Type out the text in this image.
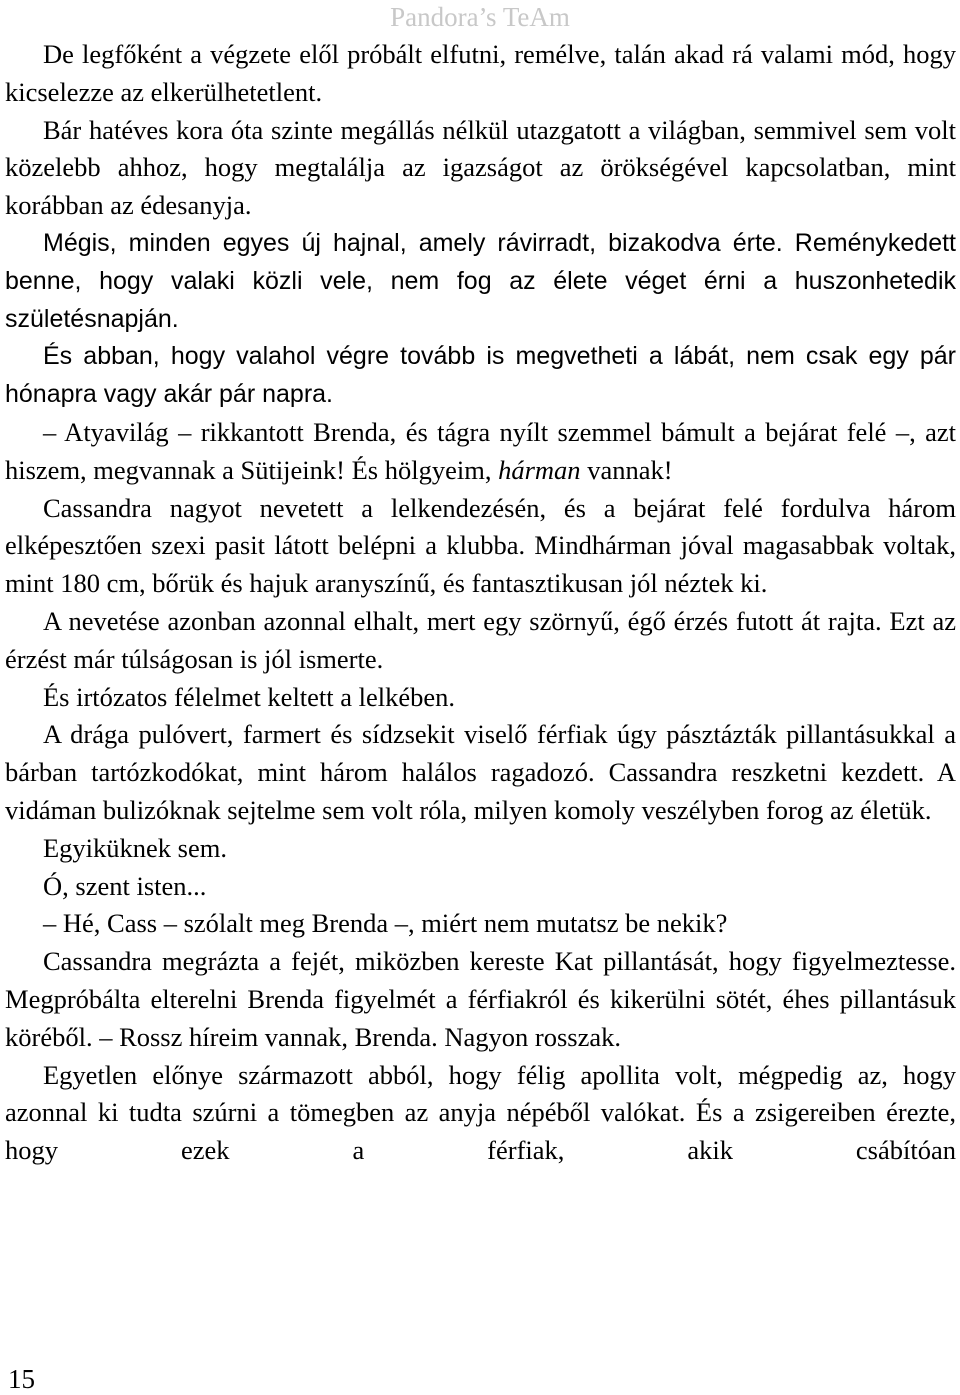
Pandora’s TeAm

De legfőként a végzete elől próbált elfutni, remélve, talán akad rá valami mód, hogy kicselezze az elkerülhetetlent.

Bár hatéves kora óta szinte megállás nélkül utazgatott a világban, semmivel sem volt közelebb ahhoz, hogy megtalálja az igazságot az örökségével kapcsolatban, mint korábban az édesanyja.

Mégis, minden egyes új hajnal, amely rávirradt, bizakodva érte. Reménykedett benne, hogy valaki közli vele, nem fog az élete véget érni a huszonhetedik születésnapján.

És abban, hogy valahol végre tovább is megvetheti a lábát, nem csak egy pár hónapra vagy akár pár napra.

– Atyavilág – rikkantott Brenda, és tágra nyílt szemmel bámult a bejárat felé –, azt hiszem, megvannak a Sütijeink! És hölgyeim, hárman vannak!

Cassandra nagyot nevetett a lelkendezésén, és a bejárat felé fordulva három elképesztően szexi pasit látott belépni a klubba. Mindhárman jóval magasabbak voltak, mint 180 cm, bőrük és hajuk aranyszínű, és fantasztikusan jól néztek ki.

A nevetése azonban azonnal elhalt, mert egy szörnyű, égő érzés futott át rajta. Ezt az érzést már túlságosan is jól ismerte.

És irtózatos félelmet keltett a lelkében.

A drága pulóvert, farmert és sídzsekit viselő férfiak úgy pásztázták pillantásukkal a bárban tartózkodókat, mint három halálos ragadozó. Cassandra reszketni kezdett. A vidáman bulizóknak sejtelme sem volt róla, milyen komoly veszélyben forog az életük.

Egyiküknek sem.

Ó, szent isten...

– Hé, Cass – szólalt meg Brenda –, miért nem mutatsz be nekik?

Cassandra megrázta a fejét, miközben kereste Kat pillantását, hogy figyelmeztesse. Megpróbálta elterelni Brenda figyelmét a férfiakról és kikerülni sötét, éhes pillantásuk köréből. – Rossz híreim vannak, Brenda. Nagyon rosszak.

Egyetlen előnye származott abból, hogy félig apollita volt, mégpedig az, hogy azonnal ki tudta szúrni a tömegben az anyja népéből valókat. És a zsigereiben érezte, hogy ezek a férfiak, akik csábítóan

15
